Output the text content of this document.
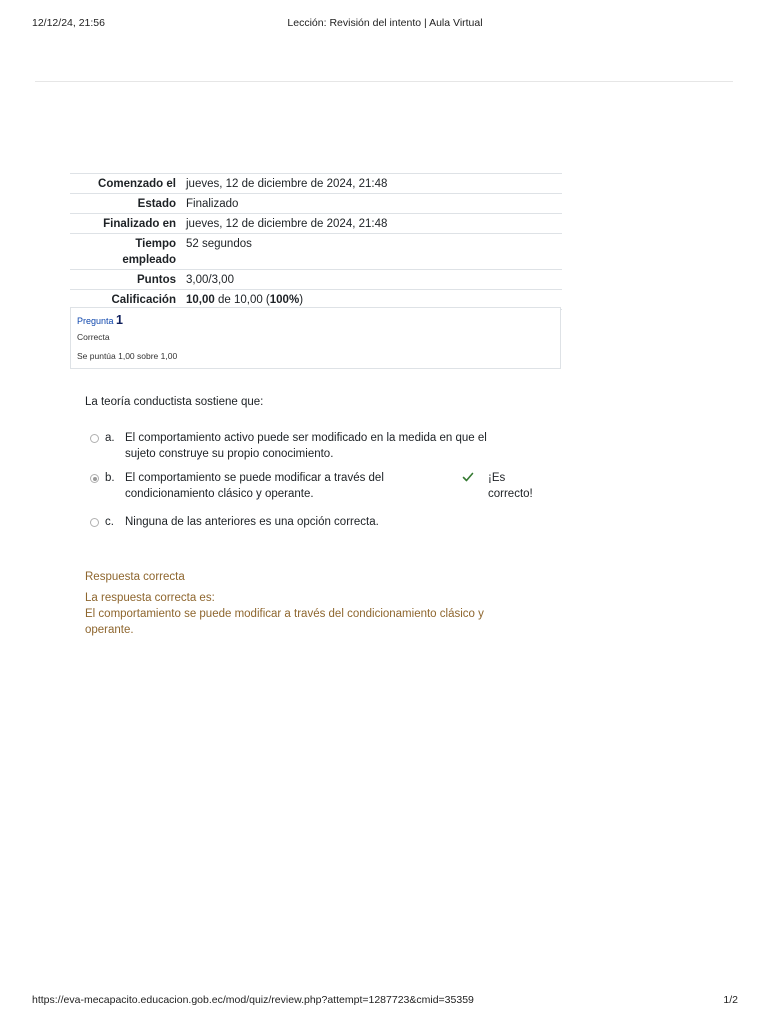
12/12/24, 21:56	Lección: Revisión del intento | Aula Virtual
Comenzado el	jueves, 12 de diciembre de 2024, 21:48
Estado	Finalizado
Finalizado en	jueves, 12 de diciembre de 2024, 21:48
Tiempo
empleado	52 segundos
Puntos	3,00/3,00
Calificación	10,00 de 10,00 (100%)
Pregunta 1
Correcta
Se puntúa 1,00 sobre 1,00
La teoría conductista sostiene que:
a. El comportamiento activo puede ser modificado en la medida en que el
sujeto construye su propio conocimiento.
b. El comportamiento se puede modificar a través del
condicionamiento clásico y operante.
¡Es
correcto!
c. Ninguna de las anteriores es una opción correcta.
Respuesta correcta
La respuesta correcta es:
El comportamiento se puede modificar a través del condicionamiento clásico y
operante.
https://eva-mecapacito.educacion.gob.ec/mod/quiz/review.php?attempt=1287723&cmid=35359	1/2
